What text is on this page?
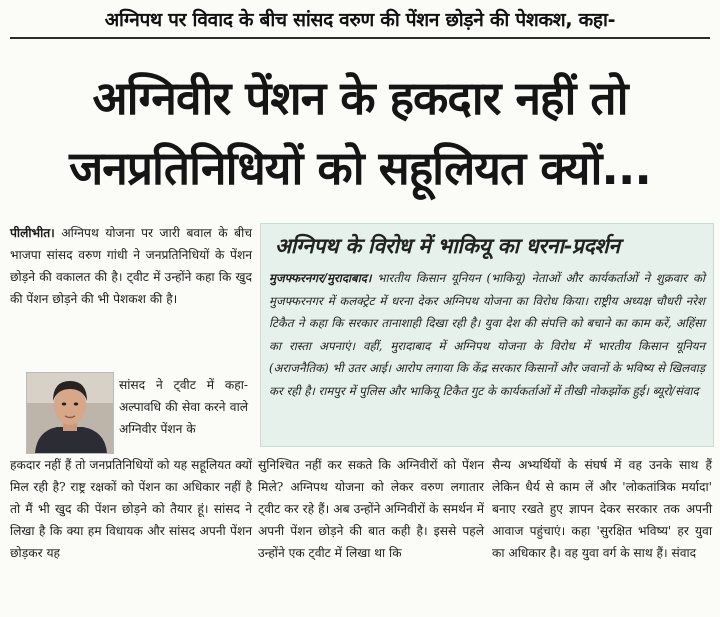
अग्निपथ पर विवाद के बीच सांसद वरुण की पेंशन छोड़ने की पेशकश, कहा-
अग्निवीर पेंशन के हकदार नहीं तो
जनप्रतिनिधियों को सहूलियत क्यों...

पीलीभीत। अग्निपथ योजना पर जारी बवाल के बीच भाजपा सांसद वरुण गांधी ने जनप्रतिनिधियों के पेंशन छोड़ने की वकालत की है। ट्वीट में उन्होंने कहा कि खुद की पेंशन छोड़ने की भी पेशकश की है।

सांसद ने ट्वीट में कहा-अल्पावधि की सेवा करने वाले अग्निवीर पेंशन के

अग्निपथ के विरोध में भाकियू का धरना-प्रदर्शन
मुजफ्फरनगर/मुरादाबाद। भारतीय किसान यूनियन (भाकियू) नेताओं और कार्यकर्ताओं ने शुक्रवार को मुजफ्फरनगर में कलक्ट्रेट में धरना देकर अग्निपथ योजना का विरोध किया। राष्ट्रीय अध्यक्ष चौधरी नरेश टिकैत ने कहा कि सरकार तानाशाही दिखा रही है। युवा देश की संपत्ति को बचाने का काम करें, अहिंसा का रास्ता अपनाएं। वहीं, मुरादाबाद में अग्निपथ योजना के विरोध में भारतीय किसान यूनियन (अराजनैतिक) भी उतर आई। आरोप लगाया कि केंद्र सरकार किसानों और जवानों के भविष्य से खिलवाड़ कर रही है। रामपुर में पुलिस और भाकियू टिकैत गुट के कार्यकर्ताओं में तीखी नोकझोंक हुई। ब्यूरो/संवाद

हकदार नहीं हैं तो जनप्रतिनिधियों को यह सहूलियत क्यों मिल रही है? राष्ट्र रक्षकों को पेंशन का अधिकार नहीं है तो मैं भी खुद की पेंशन छोड़ने को तैयार हूं। सांसद ने लिखा है कि क्या हम विधायक और सांसद अपनी पेंशन छोड़कर यह

सुनिश्चित नहीं कर सकते कि अग्निवीरों को पेंशन मिले? अग्निपथ योजना को लेकर वरुण लगातार ट्वीट कर रहे हैं। अब उन्होंने अग्निवीरों के समर्थन में अपनी पेंशन छोड़ने की बात कही है। इससे पहले उन्होंने एक ट्वीट में लिखा था कि

सैन्य अभ्यर्थियों के संघर्ष में वह उनके साथ हैं लेकिन धैर्य से काम लें और 'लोकतांत्रिक मर्यादा' बनाए रखते हुए ज्ञापन देकर सरकार तक अपनी आवाज पहुंचाएं। कहा 'सुरक्षित भविष्य' हर युवा का अधिकार है। वह युवा वर्ग के साथ हैं। संवाद
